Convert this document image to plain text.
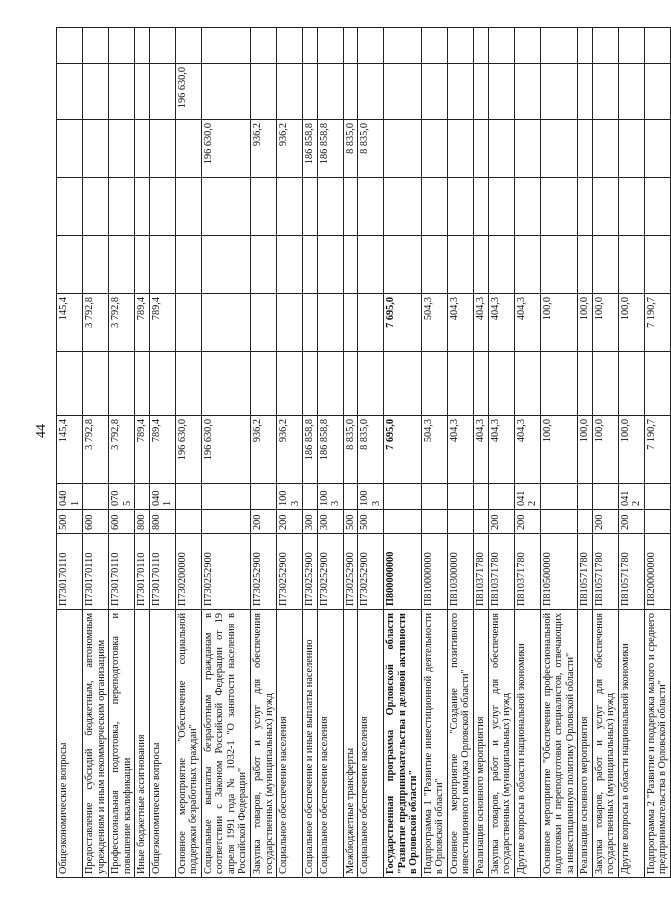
44
Общеэкономические вопросы	П730170110	500	0401	145,4		145,4					
Предоставление субсидий бюджетным, автономным учреждениям и иным некоммерческим организациям	П730170110	600		3 792,8		3 792,8					
Профессиональная подготовка, переподготовка и повышение квалификации	П730170110	600	0705	3 792,8		3 792,8					
Иные бюджетные ассигнования	П730170110	800		789,4		789,4					
Общеэкономические вопросы	П730170110	800	0401	789,4		789,4					
Основное мероприятие "Обеспечение социальной поддержки безработных граждан"	П730200000			196 630,0						196 630,0	
Социальные выплаты безработным гражданам в соответствии с Законом Российской Федерации от 19 апреля 1991 года № 1032-1 "О занятости населения в Российской Федерации"	П730252900			196 630,0					196 630,0		
Закупка товаров, работ и услуг для обеспечения государственных (муниципальных) нужд	П730252900	200		936,2					936,2		
Социальное обеспечение населения	П730252900	200	1003	936,2					936,2		
Социальное обеспечение и иные выплаты населению	П730252900	300		186 858,8					186 858,8		
Социальное обеспечение населения	П730252900	300	1003	186 858,8					186 858,8		
Межбюджетные трансферты	П730252900	500		8 835,0					8 835,0		
Социальное обеспечение населения	П730252900	500	1003	8 835,0					8 835,0		
Государственная программа Орловской области "Развитие предпринимательства и деловой активности в Орловской области"	П800000000			7 695,0		7 695,0					
Подпрограмма 1 "Развитие инвестиционной деятельности в Орловской области"	П810000000			504,3		504,3					
Основное мероприятие "Создание позитивного инвестиционного имиджа Орловской области"	П810300000			404,3		404,3					
Реализация основного мероприятия	П810371780			404,3		404,3					
Закупка товаров, работ и услуг для обеспечения государственных (муниципальных) нужд	П810371780	200		404,3		404,3					
Другие вопросы в области национальной экономики	П810371780	200	0412	404,3		404,3					
Основное мероприятие "Обеспечение профессиональной подготовки и переподготовки специалистов, отвечающих за инвестиционную политику Орловской области"	П810500000			100,0		100,0					
Реализация основного мероприятия	П810571780			100,0		100,0					
Закупка товаров, работ и услуг для обеспечения государственных (муниципальных) нужд	П810571780	200		100,0		100,0					
Другие вопросы в области национальной экономики	П810571780	200	0412	100,0		100,0					
Подпрограмма 2 "Развитие и поддержка малого и среднего предпринимательства в Орловской области"	П820000000			7 190,7		7 190,7					
